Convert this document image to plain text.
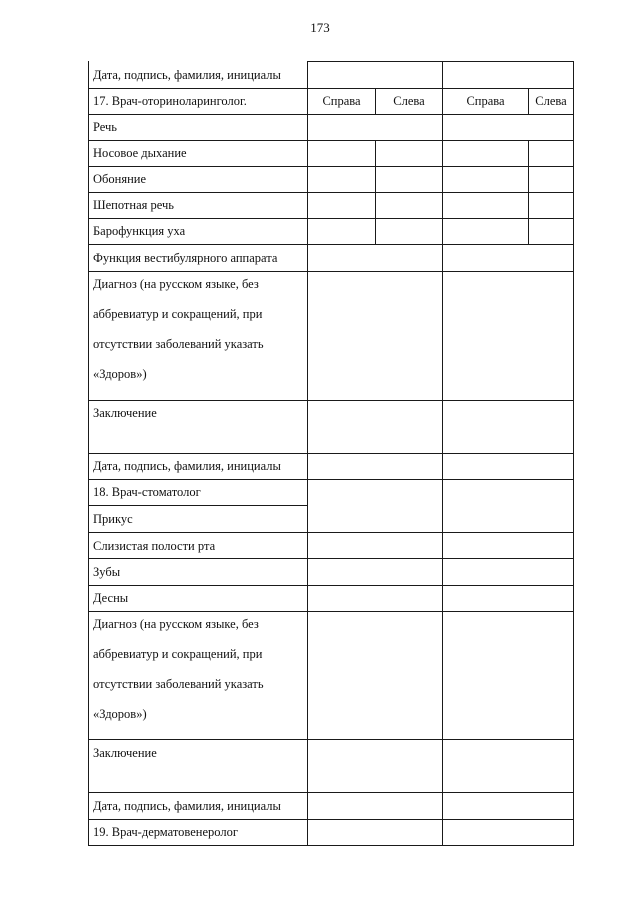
173
Дата, подпись, фамилия, инициалы
17. Врач-оториноларинголог.	Справа	Слева	Справа	Слева
Речь
Носовое дыхание
Обоняние
Шепотная речь
Барофункция уха
Функция вестибулярного аппарата
Диагноз (на русском языке, без
аббревиатур и сокращений, при
отсутствии заболеваний указать
«Здоров»)
Заключение
Дата, подпись, фамилия, инициалы
18. Врач-стоматолог
Прикус
Слизистая полости рта
Зубы
Десны
Диагноз (на русском языке, без
аббревиатур и сокращений, при
отсутствии заболеваний указать
«Здоров»)
Заключение
Дата, подпись, фамилия, инициалы
19. Врач-дерматовенеролог
